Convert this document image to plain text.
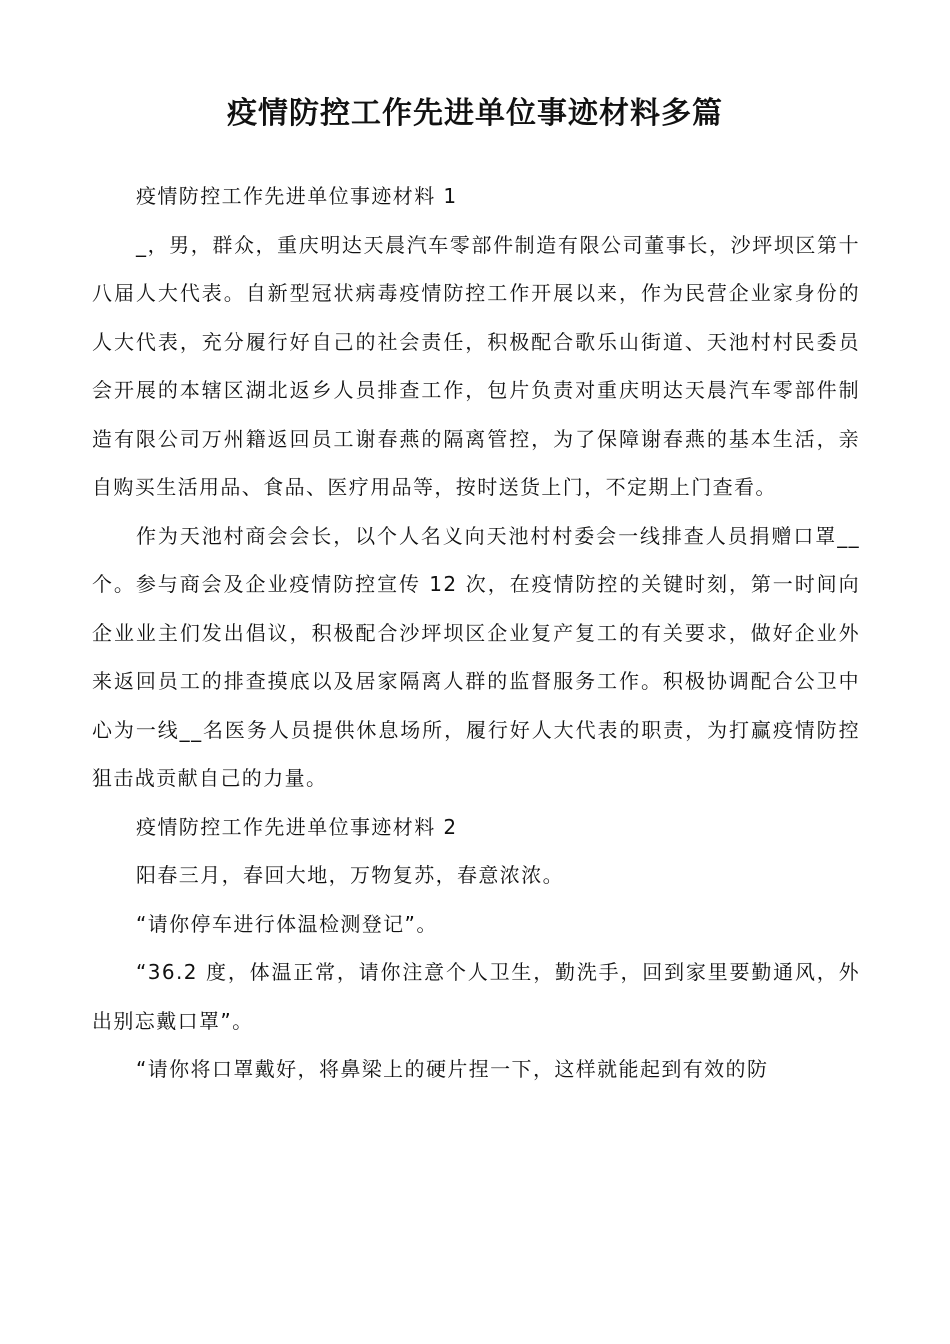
疫情防控工作先进单位事迹材料多篇

疫情防控工作先进单位事迹材料 1

_，男，群众，重庆明达天晨汽车零部件制造有限公司董事长，沙坪坝区第十八届人大代表。自新型冠状病毒疫情防控工作开展以来，作为民营企业家身份的人大代表，充分履行好自己的社会责任，积极配合歌乐山街道、天池村村民委员会开展的本辖区湖北返乡人员排查工作，包片负责对重庆明达天晨汽车零部件制造有限公司万州籍返回员工谢春燕的隔离管控，为了保障谢春燕的基本生活，亲自购买生活用品、食品、医疗用品等，按时送货上门，不定期上门查看。

作为天池村商会会长，以个人名义向天池村村委会一线排查人员捐赠口罩__个。参与商会及企业疫情防控宣传 12 次，在疫情防控的关键时刻，第一时间向企业业主们发出倡议，积极配合沙坪坝区企业复产复工的有关要求，做好企业外来返回员工的排查摸底以及居家隔离人群的监督服务工作。积极协调配合公卫中心为一线__名医务人员提供休息场所，履行好人大代表的职责，为打赢疫情防控狙击战贡献自己的力量。

疫情防控工作先进单位事迹材料 2

阳春三月，春回大地，万物复苏，春意浓浓。

“请你停车进行体温检测登记”。

“36.2 度，体温正常，请你注意个人卫生，勤洗手，回到家里要勤通风，外出别忘戴口罩”。

“请你将口罩戴好，将鼻梁上的硬片捏一下，这样就能起到有效的防
